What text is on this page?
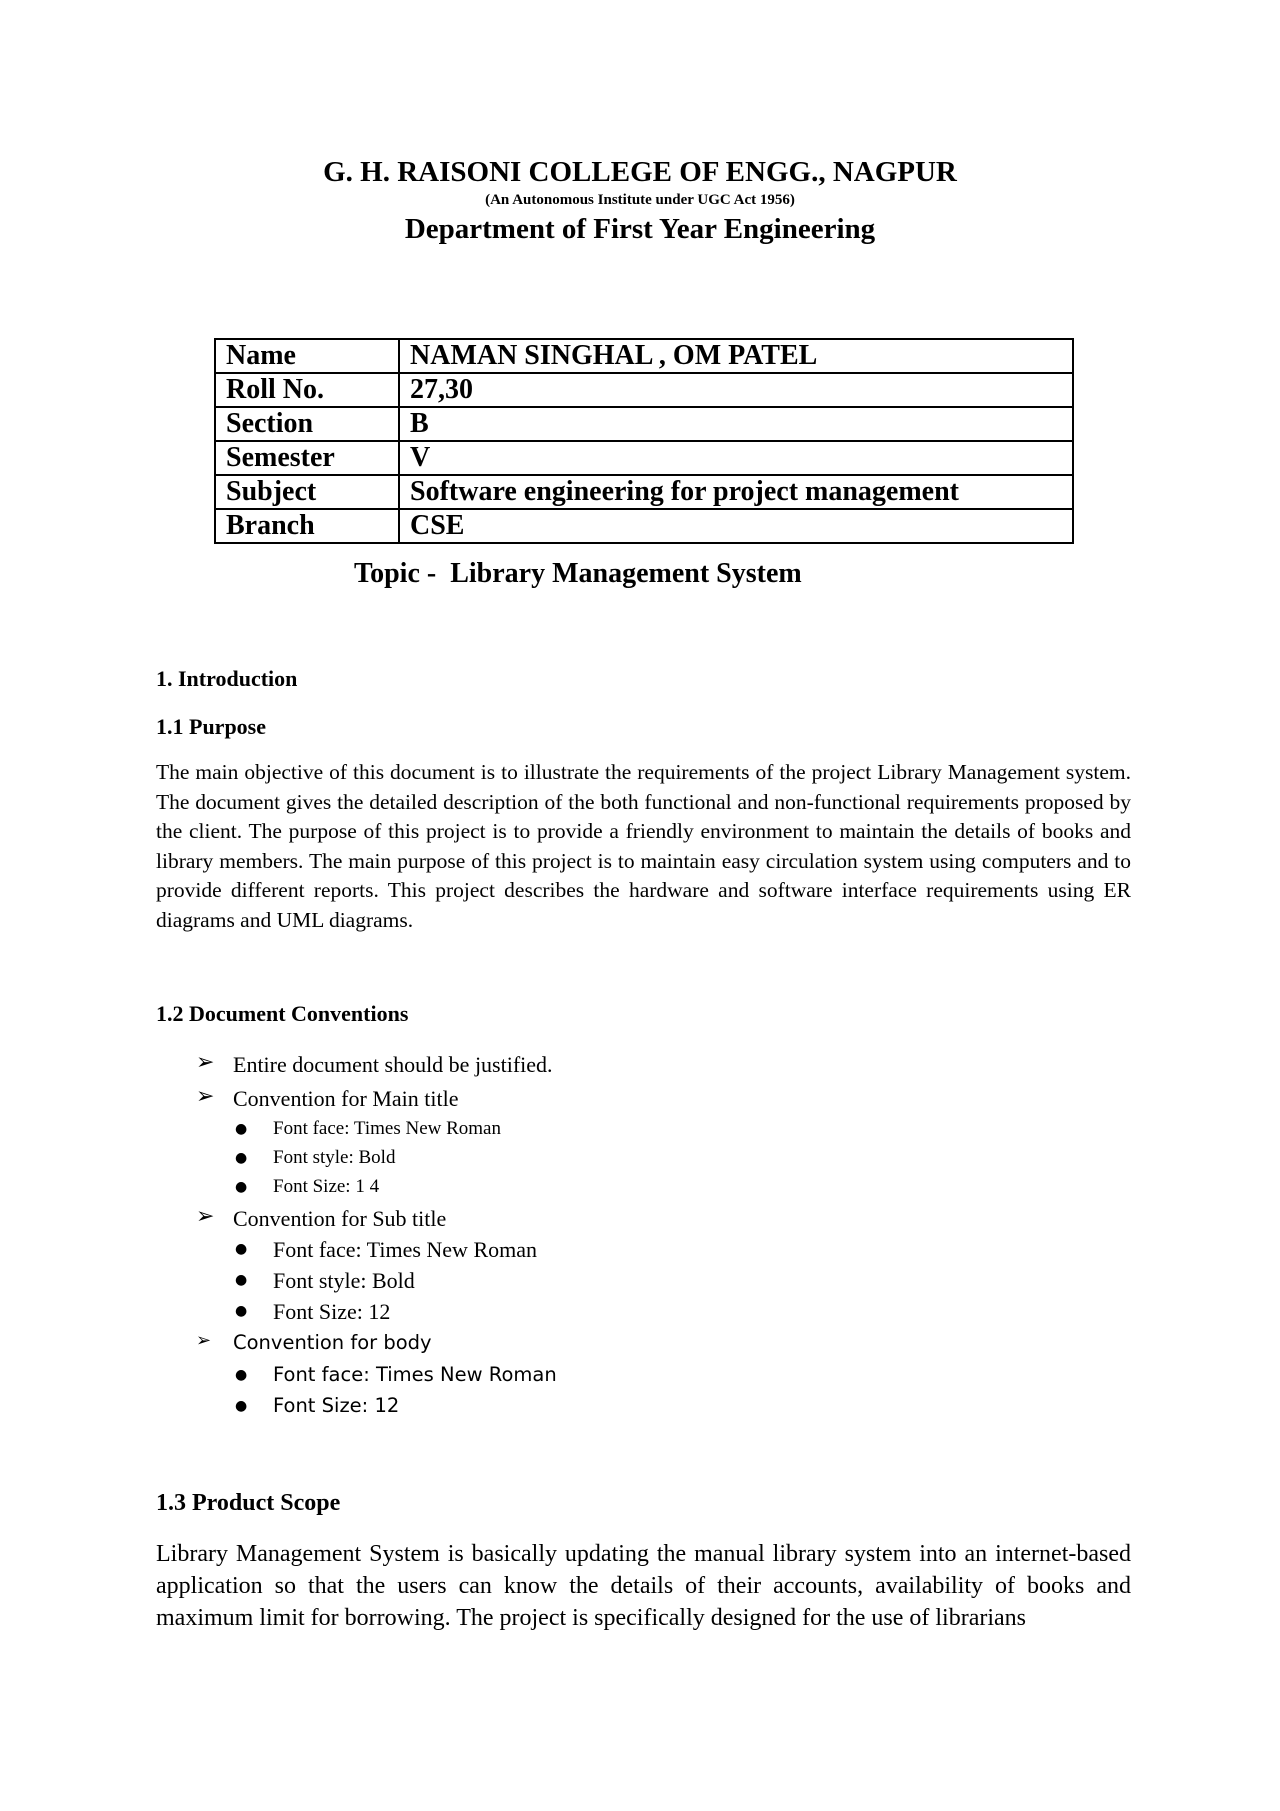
G. H. RAISONI COLLEGE OF ENGG., NAGPUR
(An Autonomous Institute under UGC Act 1956)
Department of First Year Engineering
Name	NAMAN SINGHAL , OM PATEL
Roll No.	27,30
Section	B
Semester	V
Subject	Software engineering for project management
Branch	CSE
Topic -  Library Management System
1. Introduction
1.1 Purpose
The main objective of this document is to illustrate the requirements of the project Library Management system. The document gives the detailed description of the both functional and non-functional requirements proposed by the client. The purpose of this project is to provide a friendly environment to maintain the details of books and library members. The main purpose of this project is to maintain easy circulation system using computers and to provide different reports. This project describes the hardware and software interface requirements using ER diagrams and UML diagrams.
1.2 Document Conventions
➢ Entire document should be justified.
➢ Convention for Main title
● Font face: Times New Roman
● Font style: Bold
● Font Size: 1 4
➢ Convention for Sub title
● Font face: Times New Roman
● Font style: Bold
● Font Size: 12
➢ Convention for body
● Font face: Times New Roman
● Font Size: 12
1.3 Product Scope
Library Management System is basically updating the manual library system into an internet-based application so that the users can know the details of their accounts, availability of books and maximum limit for borrowing. The project is specifically designed for the use of librarians
